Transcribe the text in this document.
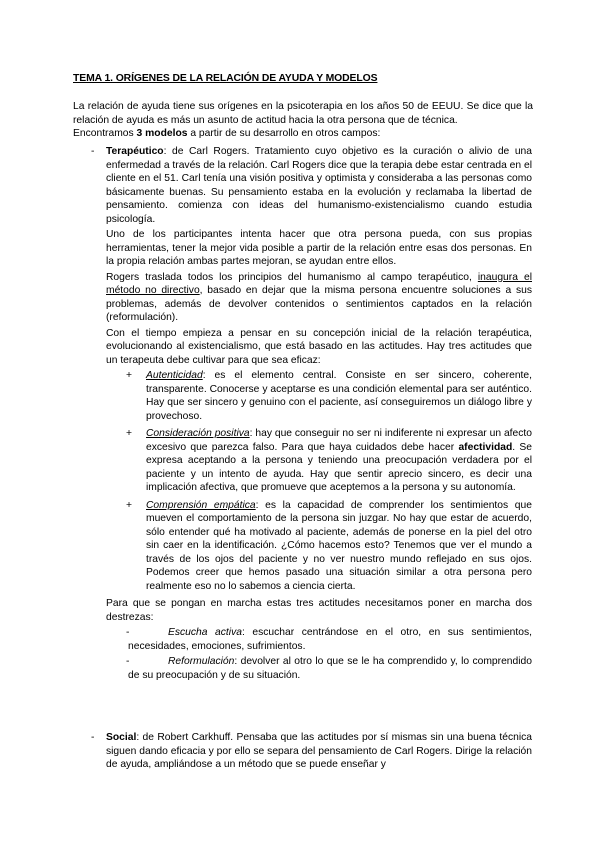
TEMA 1. ORÍGENES DE LA RELACIÓN DE AYUDA Y MODELOS

La relación de ayuda tiene sus orígenes en la psicoterapia en los años 50 de EEUU. Se dice que la relación de ayuda es más un asunto de actitud hacia la otra persona que de técnica.

Encontramos 3 modelos a partir de su desarrollo en otros campos:

- Terapéutico: de Carl Rogers. Tratamiento cuyo objetivo es la curación o alivio de una enfermedad a través de la relación. Carl Rogers dice que la terapia debe estar centrada en el cliente en el 51. Carl tenía una visión positiva y optimista y consideraba a las personas como básicamente buenas. Su pensamiento estaba en la evolución y reclamaba la libertad de pensamiento. comienza con ideas del humanismo-existencialismo cuando estudia psicología.

Uno de los participantes intenta hacer que otra persona pueda, con sus propias herramientas, tener la mejor vida posible a partir de la relación entre esas dos personas. En la propia relación ambas partes mejoran, se ayudan entre ellos.

Rogers traslada todos los principios del humanismo al campo terapéutico, inaugura el método no directivo, basado en dejar que la misma persona encuentre soluciones a sus problemas, además de devolver contenidos o sentimientos captados en la relación (reformulación).

Con el tiempo empieza a pensar en su concepción inicial de la relación terapéutica, evolucionando al existencialismo, que está basado en las actitudes. Hay tres actitudes que un terapeuta debe cultivar para que sea eficaz:

+	Autenticidad: es el elemento central. Consiste en ser sincero, coherente, transparente. Conocerse y aceptarse es una condición elemental para ser auténtico. Hay que ser sincero y genuino con el paciente, así conseguiremos un diálogo libre y provechoso.
+	Consideración positiva: hay que conseguir no ser ni indiferente ni expresar un afecto excesivo que parezca falso. Para que haya cuidados debe hacer afectividad. Se expresa aceptando a la persona y teniendo una preocupación verdadera por el paciente y un intento de ayuda. Hay que sentir aprecio sincero, es decir una implicación afectiva, que promueve que aceptemos a la persona y su autonomía.
+	Comprensión empática: es la capacidad de comprender los sentimientos que mueven el comportamiento de la persona sin juzgar. No hay que estar de acuerdo, sólo entender qué ha motivado al paciente, además de ponerse en la piel del otro sin caer en la identificación. ¿Cómo hacemos esto? Tenemos que ver el mundo a través de los ojos del paciente y no ver nuestro mundo reflejado en sus ojos. Podemos creer que hemos pasado una situación similar a otra persona pero realmente eso no lo sabemos a ciencia cierta.

Para que se pongan en marcha estas tres actitudes necesitamos poner en marcha dos destrezas:

-	Escucha activa: escuchar centrándose en el otro, en sus sentimientos, necesidades, emociones, sufrimientos.
-	Reformulación: devolver al otro lo que se le ha comprendido y, lo comprendido de su preocupación y de su situación.
- Social: de Robert Carkhuff. Pensaba que las actitudes por sí mismas sin una buena técnica siguen dando eficacia y por ello se separa del pensamiento de Carl Rogers. Dirige la relación de ayuda, ampliándose a un método que se puede enseñar y
